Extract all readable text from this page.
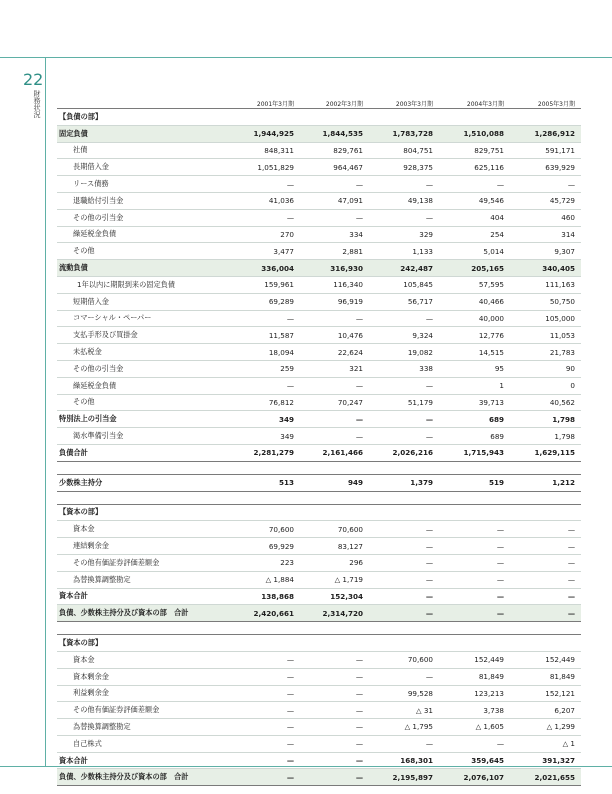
22
財務状況	2001年3月期	2002年3月期	2003年3月期	2004年3月期	2005年3月期
【負債の部】
固定負債	1,944,925	1,844,535	1,783,728	1,510,088	1,286,912
社債	848,311	829,761	804,751	829,751	591,171
長期借入金	1,051,829	964,467	928,375	625,116	639,929
リース債務	—	—	—	—	—
退職給付引当金	41,036	47,091	49,138	49,546	45,729
その他の引当金	—	—	—	404	460
繰延税金負債	270	334	329	254	314
その他	3,477	2,881	1,133	5,014	9,307
流動負債	336,004	316,930	242,487	205,165	340,405
1年以内に期限到来の固定負債	159,961	116,340	105,845	57,595	111,163
短期借入金	69,289	96,919	56,717	40,466	50,750
コマーシャル・ペーパー	—	—	—	40,000	105,000
支払手形及び買掛金	11,587	10,476	9,324	12,776	11,053
未払税金	18,094	22,624	19,082	14,515	21,783
その他の引当金	259	321	338	95	90
繰延税金負債	—	—	—	1	0
その他	76,812	70,247	51,179	39,713	40,562
特別法上の引当金	349	—	—	689	1,798
渇水準備引当金	349	—	—	689	1,798
負債合計	2,281,279	2,161,466	2,026,216	1,715,943	1,629,115
少数株主持分	513	949	1,379	519	1,212
【資本の部】
資本金	70,600	70,600	—	—	—
連結剰余金	69,929	83,127	—	—	—
その他有価証券評価差額金	223	296	—	—	—
為替換算調整勘定	△ 1,884	△ 1,719	—	—	—
資本合計	138,868	152,304	—	—	—
負債、少数株主持分及び資本の部　合計	2,420,661	2,314,720	—	—	—
【資本の部】
資本金	—	—	70,600	152,449	152,449
資本剰余金	—	—	—	81,849	81,849
利益剰余金	—	—	99,528	123,213	152,121
その他有価証券評価差額金	—	—	△ 31	3,738	6,207
為替換算調整勘定	—	—	△ 1,795	△ 1,605	△ 1,299
自己株式	—	—	—	—	△ 1
資本合計	—	—	168,301	359,645	391,327
負債、少数株主持分及び資本の部　合計	—	—	2,195,897	2,076,107	2,021,655
